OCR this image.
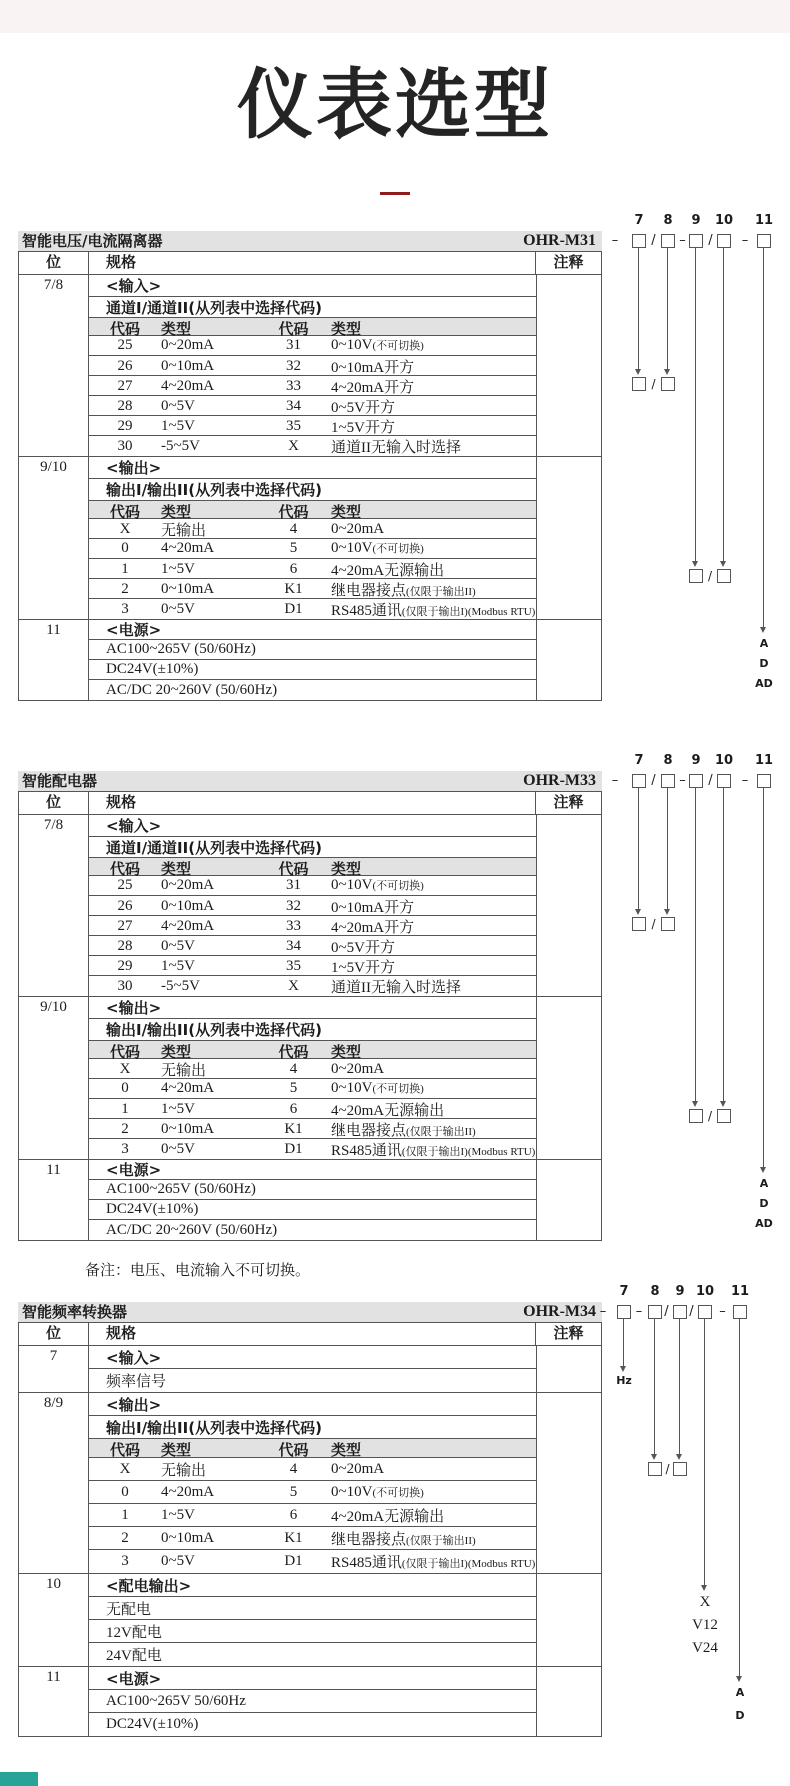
仪表选型
智能电压/电流隔离器	OHR-M31
位	规格	注释
7/8	<输入>
通道I/通道II(从列表中选择代码)
代码	类型	代码	类型
25	0~20mA	31	0~10V(不可切换)
26	0~10mA	32	0~10mA开方
27	4~20mA	33	4~20mA开方
28	0~5V	34	0~5V开方
29	1~5V	35	1~5V开方
30	-5~5V	X	通道II无输入时选择
9/10	<输出>
输出I/输出II(从列表中选择代码)
代码	类型	代码	类型
X	无输出	4	0~20mA
0	4~20mA	5	0~10V(不可切换)
1	1~5V	6	4~20mA无源输出
2	0~10mA	K1	继电器接点(仅限于输出II)
3	0~5V	D1	RS485通讯(仅限于输出I)(Modbus RTU)
11	<电源>
AC100~265V (50/60Hz)
DC24V(±10%)
AC/DC 20~260V (50/60Hz)
7	8	9	10 11
–	/ – /	–
/
/
A
D
AD
智能配电器	OHR-M33
位	规格	注释
7/8	<输入>
通道I/通道II(从列表中选择代码)
代码	类型	代码	类型
25	0~20mA	31	0~10V(不可切换)
26	0~10mA	32	0~10mA开方
27	4~20mA	33	4~20mA开方
28	0~5V	34	0~5V开方
29	1~5V	35	1~5V开方
30	-5~5V	X	通道II无输入时选择
9/10	<输出>
输出I/输出II(从列表中选择代码)
代码	类型	代码	类型
X	无输出	4	0~20mA
0	4~20mA	5	0~10V(不可切换)
1	1~5V	6	4~20mA无源输出
2	0~10mA	K1	继电器接点(仅限于输出II)
3	0~5V	D1	RS485通讯(仅限于输出I)(Modbus RTU)
11	<电源>
AC100~265V (50/60Hz)
DC24V(±10%)
AC/DC 20~260V (50/60Hz)
7	8	9	10 11
–	/ – /	–
/
/
A
D
AD

备注：电压、电流输入不可切换。

智能频率转换器	OHR-M34
位	规格	注释
7	<输入>
频率信号
8/9	<输出>
输出I/输出II(从列表中选择代码)
代码	类型	代码	类型
X	无输出	4	0~20mA
0	4~20mA	5	0~10V(不可切换)
1	1~5V	6	4~20mA无源输出
2	0~10mA	K1	继电器接点(仅限于输出II)
3	0~5V	D1	RS485通讯(仅限于输出I)(Modbus RTU)
10	<配电输出>
无配电
12V配电
24V配电
11	<电源>
AC100~265V 50/60Hz
DC24V(±10%)
7	8	9 10 11
– – / /	–
Hz
/
X
V12
V24
A
D
